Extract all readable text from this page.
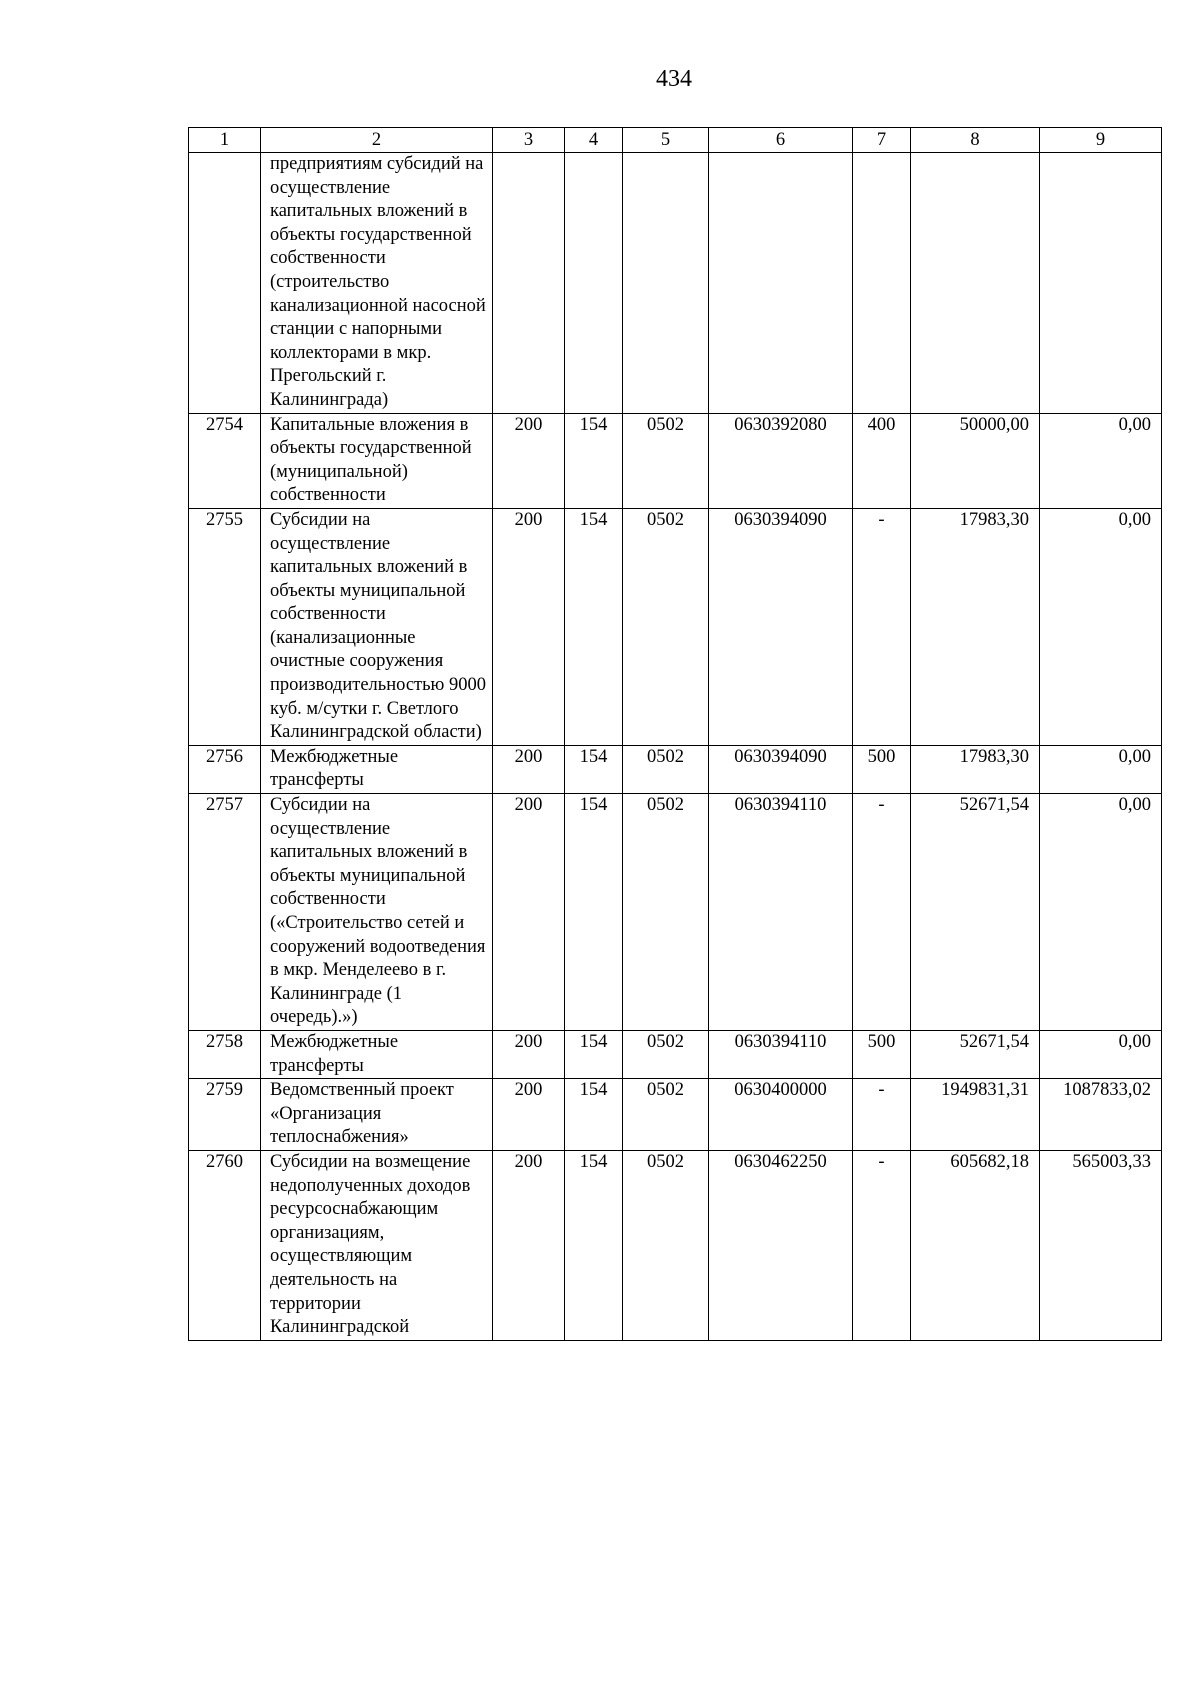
434
1	2	3	4	5	6	7	8	9
	предприятиям субсидий на осуществление капитальных вложений в объекты государственной собственности (строительство канализационной насосной станции с напорными коллекторами в мкр. Прегольский г. Калининграда)							
2754	Капитальные вложения в объекты государственной (муниципальной) собственности	200	154	0502	0630392080	400	50000,00	0,00
2755	Субсидии на осуществление капитальных вложений в объекты муниципальной собственности (канализационные очистные сооружения производительностью 9000 куб. м/сутки г. Светлого Калининградской области)	200	154	0502	0630394090	-	17983,30	0,00
2756	Межбюджетные трансферты	200	154	0502	0630394090	500	17983,30	0,00
2757	Субсидии на осуществление капитальных вложений в объекты муниципальной собственности («Строительство сетей и сооружений водоотведения в мкр. Менделеево в г. Калининграде (1 очередь).»)	200	154	0502	0630394110	-	52671,54	0,00
2758	Межбюджетные трансферты	200	154	0502	0630394110	500	52671,54	0,00
2759	Ведомственный проект «Организация теплоснабжения»	200	154	0502	0630400000	-	1949831,31	1087833,02
2760	Субсидии на возмещение недополученных доходов ресурсоснабжающим организациям, осуществляющим деятельность на территории Калининградской	200	154	0502	0630462250	-	605682,18	565003,33
